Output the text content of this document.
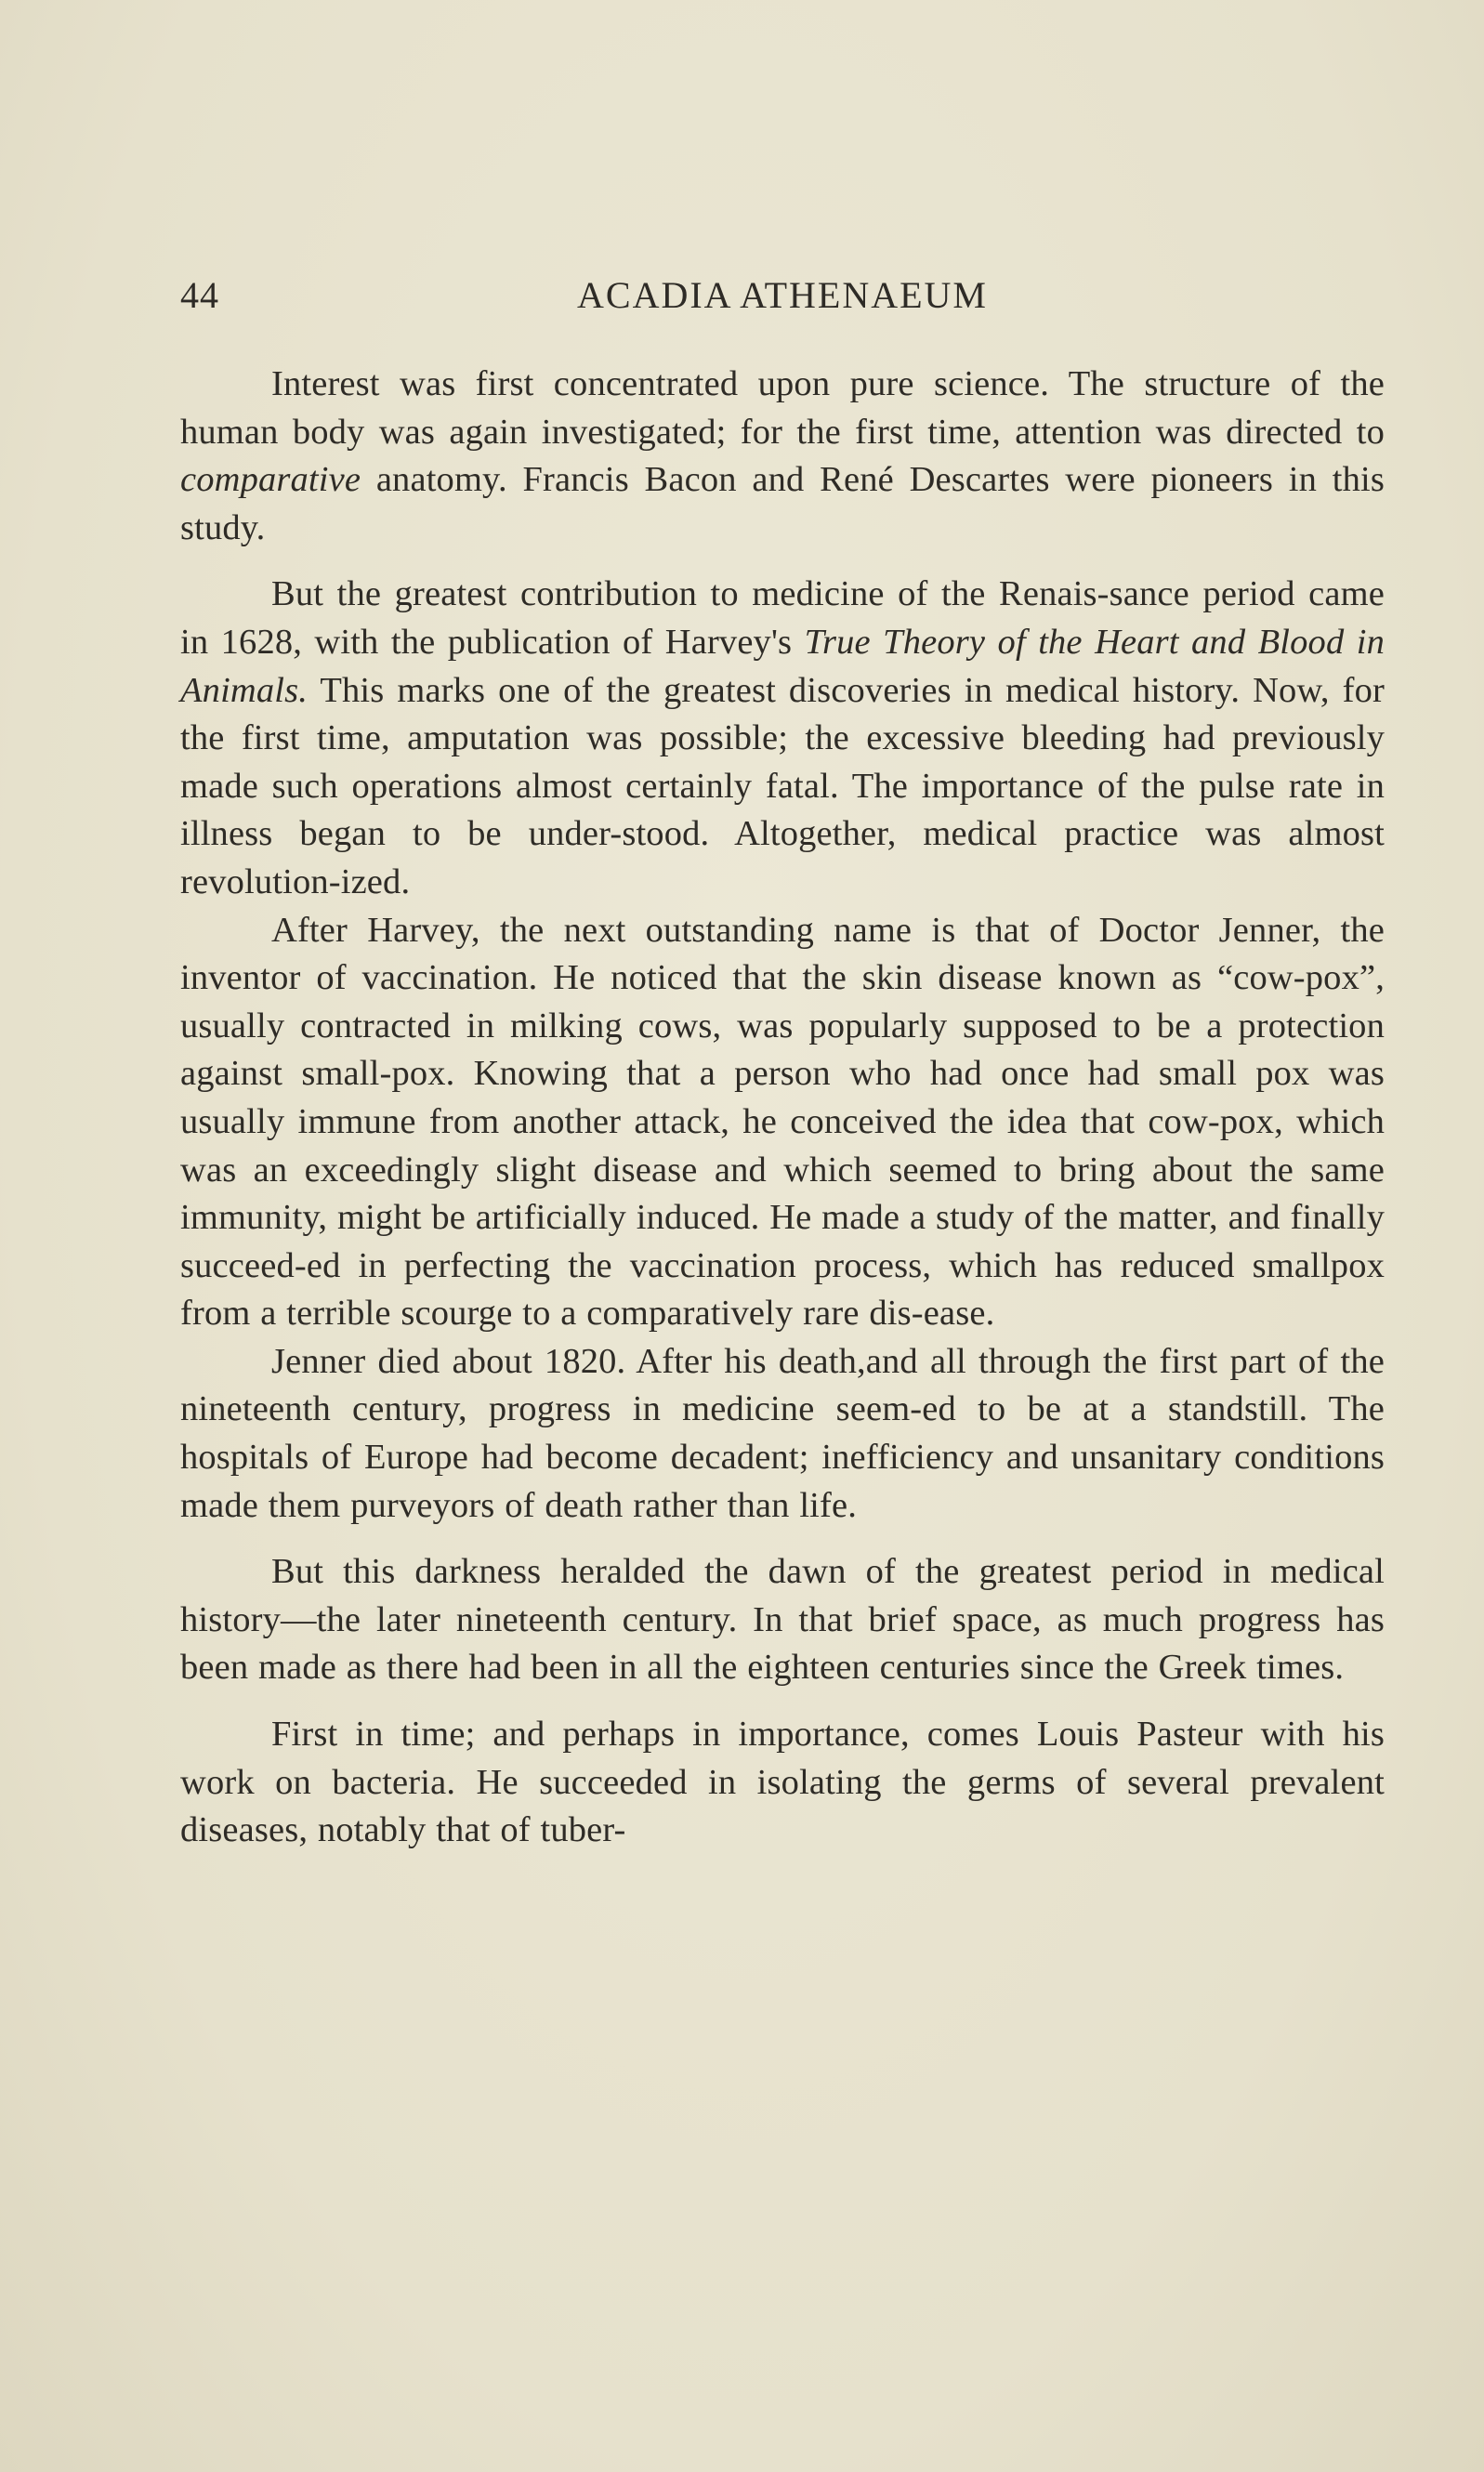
44	ACADIA ATHENAEUM

Interest was first concentrated upon pure science. The structure of the human body was again investigated; for the first time, attention was directed to comparative anatomy. Francis Bacon and René Descartes were pioneers in this study.

But the greatest contribution to medicine of the Renais-sance period came in 1628, with the publication of Harvey's True Theory of the Heart and Blood in Animals. This marks one of the greatest discoveries in medical history. Now, for the first time, amputation was possible; the excessive bleeding had previously made such operations almost certainly fatal. The importance of the pulse rate in illness began to be under-stood. Altogether, medical practice was almost revolution-ized.

After Harvey, the next outstanding name is that of Doctor Jenner, the inventor of vaccination. He noticed that the skin disease known as “cow-pox”, usually contracted in milking cows, was popularly supposed to be a protection against small-pox. Knowing that a person who had once had small pox was usually immune from another attack, he conceived the idea that cow-pox, which was an exceedingly slight disease and which seemed to bring about the same immunity, might be artificially induced. He made a study of the matter, and finally succeed-ed in perfecting the vaccination process, which has reduced smallpox from a terrible scourge to a comparatively rare dis-ease.

Jenner died about 1820. After his death,and all through the first part of the nineteenth century, progress in medicine seem-ed to be at a standstill. The hospitals of Europe had become decadent; inefficiency and unsanitary conditions made them purveyors of death rather than life.

But this darkness heralded the dawn of the greatest period in medical history—the later nineteenth century. In that brief space, as much progress has been made as there had been in all the eighteen centuries since the Greek times.

First in time; and perhaps in importance, comes Louis Pasteur with his work on bacteria. He succeeded in isolating the germs of several prevalent diseases, notably that of tuber-
